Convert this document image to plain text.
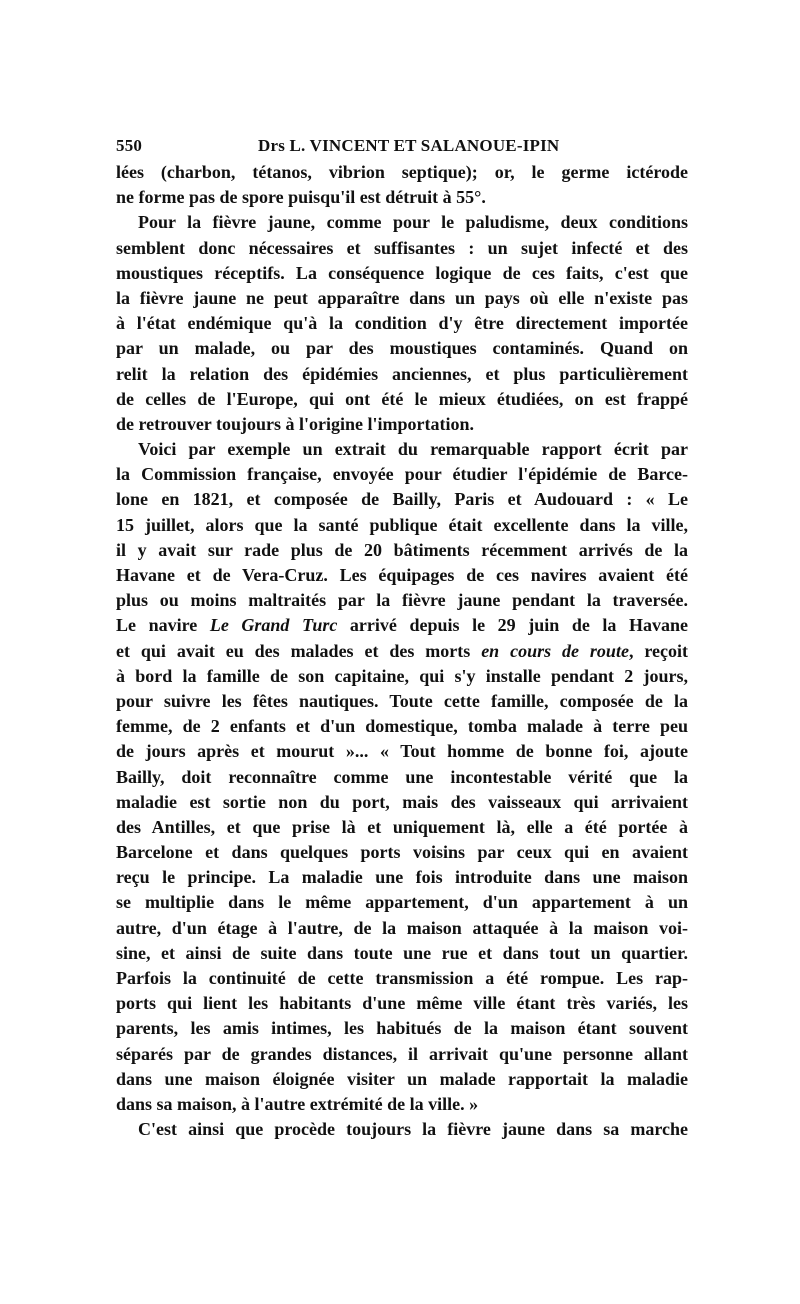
550	Drs L. VINCENT ET SALANOUE-IPIN
lées (charbon, tétanos, vibrion septique); or, le germe ictérode
ne forme pas de spore puisqu'il est détruit à 55°.
Pour la fièvre jaune, comme pour le paludisme, deux conditions
semblent donc nécessaires et suffisantes : un sujet infecté et des
moustiques réceptifs. La conséquence logique de ces faits, c'est que
la fièvre jaune ne peut apparaître dans un pays où elle n'existe pas
à l'état endémique qu'à la condition d'y être directement importée
par un malade, ou par des moustiques contaminés. Quand on
relit la relation des épidémies anciennes, et plus particulièrement
de celles de l'Europe, qui ont été le mieux étudiées, on est frappé
de retrouver toujours à l'origine l'importation.
Voici par exemple un extrait du remarquable rapport écrit par
la Commission française, envoyée pour étudier l'épidémie de Barce-
lone en 1821, et composée de Bailly, Paris et Audouard : « Le
15 juillet, alors que la santé publique était excellente dans la ville,
il y avait sur rade plus de 20 bâtiments récemment arrivés de la
Havane et de Vera-Cruz. Les équipages de ces navires avaient été
plus ou moins maltraités par la fièvre jaune pendant la traversée.
Le navire Le Grand Turc arrivé depuis le 29 juin de la Havane
et qui avait eu des malades et des morts en cours de route, reçoit
à bord la famille de son capitaine, qui s'y installe pendant 2 jours,
pour suivre les fêtes nautiques. Toute cette famille, composée de la
femme, de 2 enfants et d'un domestique, tomba malade à terre peu
de jours après et mourut »... « Tout homme de bonne foi, ajoute
Bailly, doit reconnaître comme une incontestable vérité que la
maladie est sortie non du port, mais des vaisseaux qui arrivaient
des Antilles, et que prise là et uniquement là, elle a été portée à
Barcelone et dans quelques ports voisins par ceux qui en avaient
reçu le principe. La maladie une fois introduite dans une maison
se multiplie dans le même appartement, d'un appartement à un
autre, d'un étage à l'autre, de la maison attaquée à la maison voi-
sine, et ainsi de suite dans toute une rue et dans tout un quartier.
Parfois la continuité de cette transmission a été rompue. Les rap-
ports qui lient les habitants d'une même ville étant très variés, les
parents, les amis intimes, les habitués de la maison étant souvent
séparés par de grandes distances, il arrivait qu'une personne allant
dans une maison éloignée visiter un malade rapportait la maladie
dans sa maison, à l'autre extrémité de la ville. »
C'est ainsi que procède toujours la fièvre jaune dans sa marche
